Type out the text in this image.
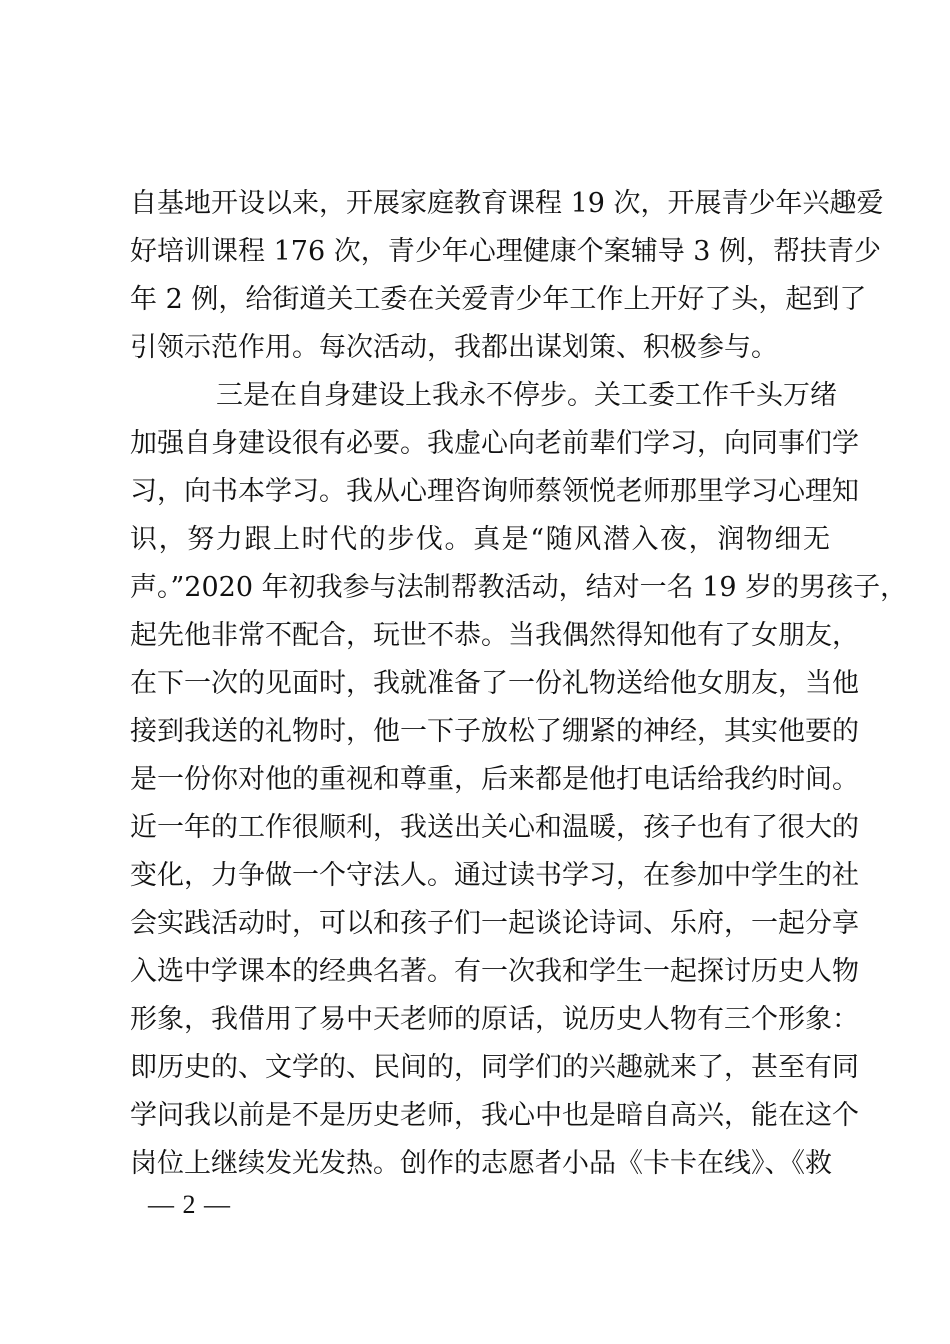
自基地开设以来，开展家庭教育课程 19 次，开展青少年兴趣爱
好培训课程 176 次，青少年心理健康个案辅导 3 例，帮扶青少
年 2 例，给街道关工委在关爱青少年工作上开好了头，起到了
引领示范作用。每次活动，我都出谋划策、积极参与。
三是在自身建设上我永不停步。关工委工作千头万绪
加强自身建设很有必要。我虚心向老前辈们学习，向同事们学
习，向书本学习。我从心理咨询师蔡领悦老师那里学习心理知
识，努力跟上时代的步伐。真是“随风潜入夜，润物细无
声。”2020 年初我参与法制帮教活动，结对一名 19 岁的男孩子，
起先他非常不配合，玩世不恭。当我偶然得知他有了女朋友，
在下一次的见面时，我就准备了一份礼物送给他女朋友，当他
接到我送的礼物时，他一下子放松了绷紧的神经，其实他要的
是一份你对他的重视和尊重，后来都是他打电话给我约时间。
近一年的工作很顺利，我送出关心和温暖，孩子也有了很大的
变化，力争做一个守法人。通过读书学习，在参加中学生的社
会实践活动时，可以和孩子们一起谈论诗词、乐府，一起分享
入选中学课本的经典名著。有一次我和学生一起探讨历史人物
形象，我借用了易中天老师的原话，说历史人物有三个形象：
即历史的、文学的、民间的，同学们的兴趣就来了，甚至有同
学问我以前是不是历史老师，我心中也是暗自高兴，能在这个
岗位上继续发光发热。创作的志愿者小品《卡卡在线》、《救
— 2 —
